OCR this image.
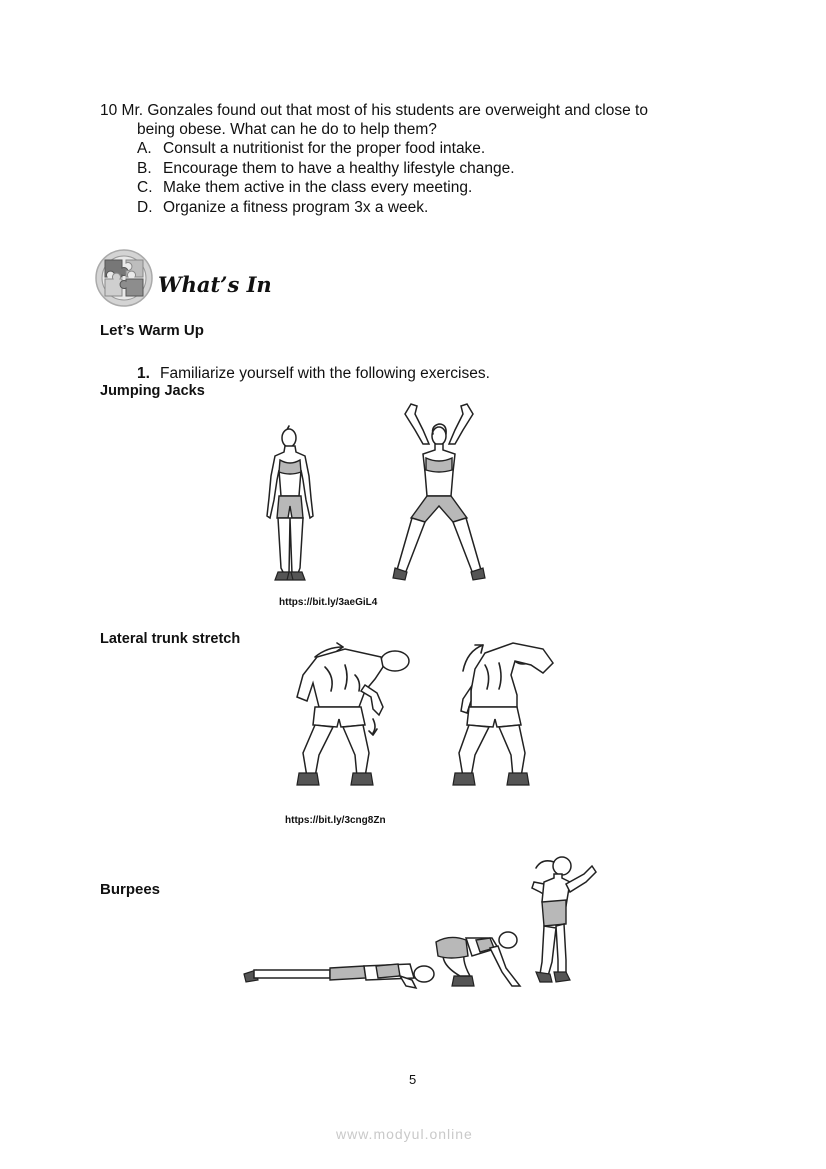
10 Mr. Gonzales found out that most of his students are overweight and close to
being obese. What can he do to help them?
A. Consult a nutritionist for the proper food intake.
B. Encourage them to have a healthy lifestyle change.
C. Make them active in the class every meeting.
D. Organize a fitness program 3x a week.
What’s In
Let’s Warm Up
1. Familiarize yourself with the following exercises.
Jumping Jacks
https://bit.ly/3aeGiL4
Lateral trunk stretch
https://bit.ly/3cng8Zn
Burpees
5
www.modyul.online
